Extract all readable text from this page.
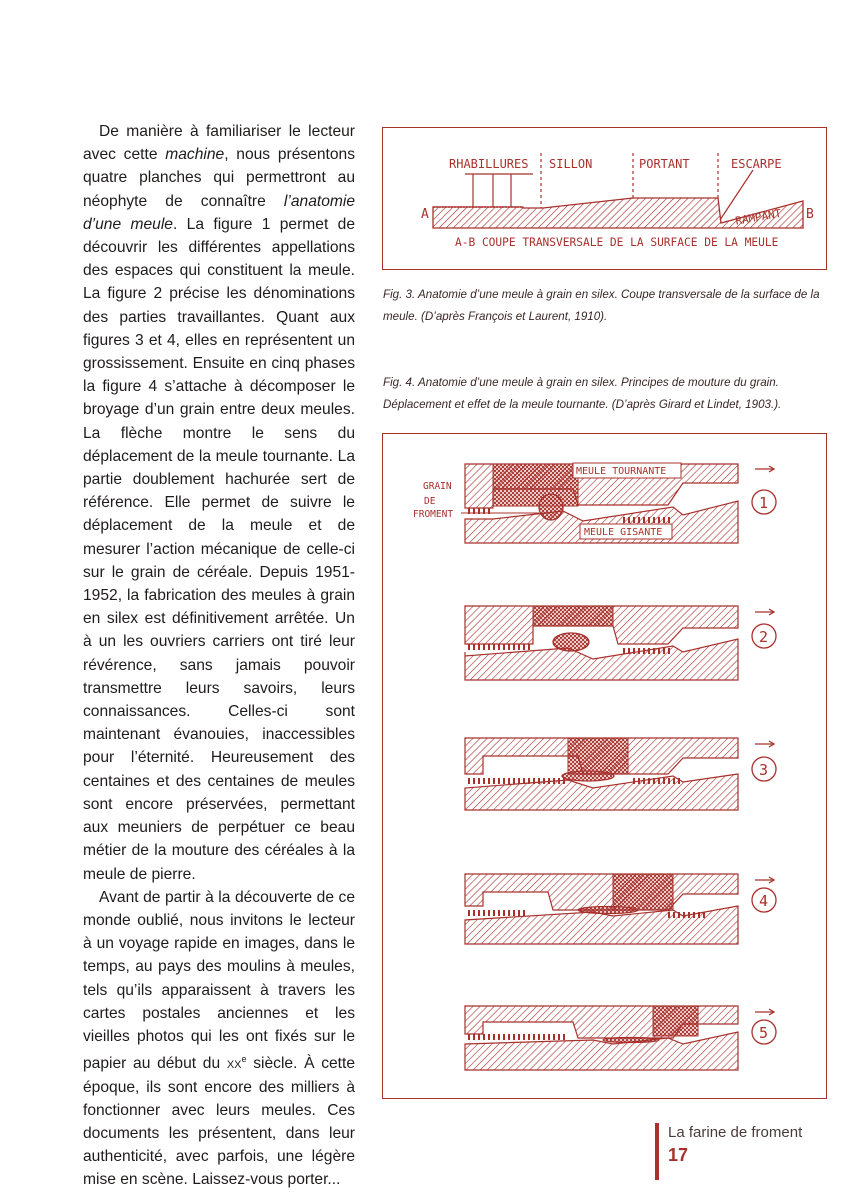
De manière à familiariser le lecteur avec cette machine, nous présentons quatre planches qui permettront au néophyte de connaître l’anatomie d’une meule. La figure 1 permet de découvrir les différentes appellations des espaces qui constituent la meule. La figure 2 précise les dénominations des parties travaillantes. Quant aux figures 3 et 4, elles en représentent un grossissement. Ensuite en cinq phases la figure 4 s’attache à décomposer le broyage d’un grain entre deux meules. La flèche montre le sens du déplacement de la meule tournante. La partie doublement hachurée sert de référence. Elle permet de suivre le déplacement de la meule et de mesurer l’action mécanique de celle-ci sur le grain de céréale. Depuis 1951-1952, la fabrication des meules à grain en silex est définitivement arrêtée. Un à un les ouvriers carriers ont tiré leur révérence, sans jamais pouvoir transmettre leurs savoirs, leurs connaissances. Celles-ci sont maintenant évanouies, inaccessibles pour l’éternité. Heureusement des centaines et des centaines de meules sont encore préservées, permettant aux meuniers de perpétuer ce beau métier de la mouture des céréales à la meule de pierre.

Avant de partir à la découverte de ce monde oublié, nous invitons le lecteur à un voyage rapide en images, dans le temps, au pays des moulins à meules, tels qu’ils apparaissent à travers les cartes postales anciennes et les vieilles photos qui les ont fixés sur le papier au début du $xx^e$ siècle. À cette époque, ils sont encore des milliers à fonctionner avec leurs meules. Ces documents les présentent, dans leur authenticité, avec parfois, une légère mise en scène. Laissez-vous porter...

RHABILLURES SILLON	PORTANT	ESCARPE
RAMPANT
A	B
A-B COUPE TRANSVERSALE DE LA SURFACE DE LA MEULE
Fig. 3. Anatomie d’une meule à grain en silex. Coupe transversale de la surface de la meule. (D’après François et Laurent, 1910).
Fig. 4. Anatomie d’une meule à grain en silex. Principes de mouture du grain. Déplacement et effet de la meule tournante. (D’après Girard et Lindet, 1903.).
MEULE TOURNANTE
MEULE GISANTE
GRAIN
DE
FROMENT
1
2
3
4
5
La farine de froment
17
